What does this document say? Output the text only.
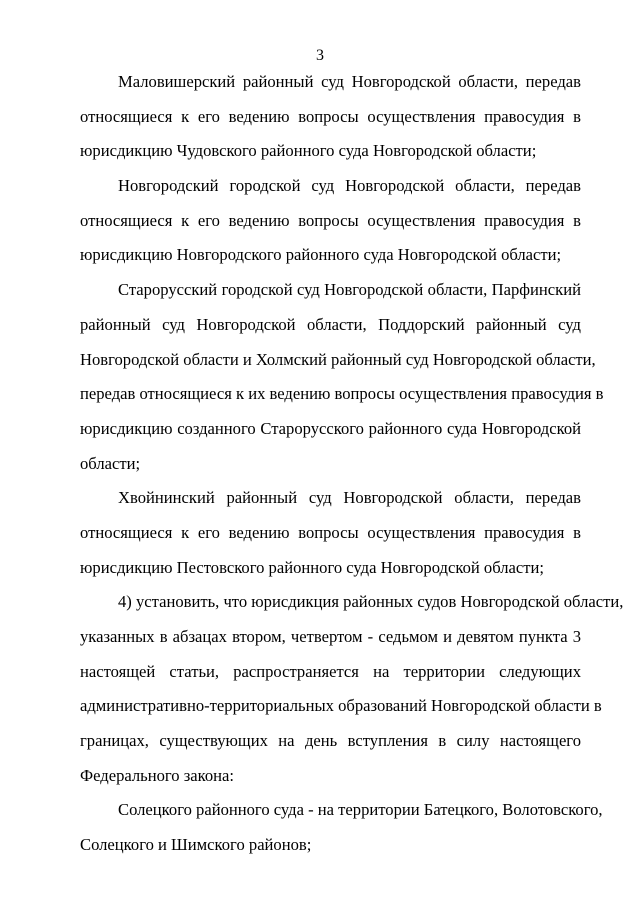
3
Маловишерский районный суд Новгородской области, передав
относящиеся к его ведению вопросы осуществления правосудия в
юрисдикцию Чудовского районного суда Новгородской области;
Новгородский городской суд Новгородской области, передав
относящиеся к его ведению вопросы осуществления правосудия в
юрисдикцию Новгородского районного суда Новгородской области;
Старорусский городской суд Новгородской области, Парфинский
районный суд Новгородской области, Поддорский районный суд
Новгородской области и Холмский районный суд Новгородской области,
передав относящиеся к их ведению вопросы осуществления правосудия в
юрисдикцию созданного Старорусского районного суда Новгородской
области;
Хвойнинский районный суд Новгородской области, передав
относящиеся к его ведению вопросы осуществления правосудия в
юрисдикцию Пестовского районного суда Новгородской области;
4) установить, что юрисдикция районных судов Новгородской области,
указанных в абзацах втором, четвертом - седьмом и девятом пункта 3
настоящей статьи, распространяется на территории следующих
административно-территориальных образований Новгородской области в
границах, существующих на день вступления в силу настоящего
Федерального закона:
Солецкого районного суда - на территории Батецкого, Волотовского,
Солецкого и Шимского районов;
